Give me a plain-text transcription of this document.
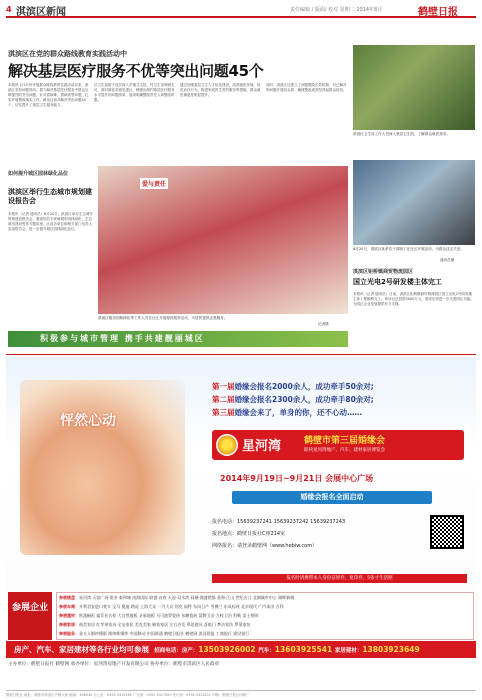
4 淇滨区新闻	责任编辑 / 版面/ 校对 星期二 2014年8月	鹤壁日报
淇滨区在党的群众路线教育实践活动中
解决基层医疗服务不优等突出问题45个
本报讯 自1月份开展群众路线教育实践活动以来，淇滨区坚持问题导向，着力解决基层医疗服务中群众反映强烈的突出问题，针对看病难、看病贵等问题，扎实开展整改落实工作，截至目前共解决突出问题45个，切实提升了基层卫生服务能力。
区卫生局班子成员深入乡镇卫生院、村卫生室调研走访，面对面征求意见建议，梳理出制约基层医疗服务水平提升的问题清单，逐项明确整改责任人和整改时限。
通过加强基层卫生人才队伍建设、改善就医环境、规范诊疗行为、推进家庭医生签约服务等措施，群众就医满意度明显提升。
同时，淇滨区还建立了问题整改长效机制，对已解决的问题开展回头看，确保整改成效经得起群众检验。
淇滨区卫生局工作人员深入基层卫生院，了解群众就医需求。
如何提升城区园林绿化品位
淇滨区举行生态城市规划建设报告会
本报讯（记者 通讯员）8月20日，淇滨区举办生态城市规划建设报告会，邀请知名专家就城市园林绿化、生态城市建设等作专题讲座，区直各单位和相关部门负责人参加报告会，进一步提升城区园林绿化品位。
爱与责任
淇滨区服务园林绿化等工作人员在社区开展便民服务活动，为居民提供志愿服务。
记者摄
8月20日，淇滨区某单位干部职工在社区开展活动，为群众送去关爱。
通讯员摄
淇滨区钜桥镇商贸物流园区
国立光电2号研发楼主体完工
本报讯（记者 通讯员）日前，淇滨区钜桥镇商贸物流园区国立光电2号研发楼主体工程顺利完工。该项目总投资5000万元，建成后将进一步完善园区功能，为园区企业发展提供有力支撑。
积极参与城市管理 携手共建靓丽城区
怦然心动
第一届婚缘会报名2000余人，成功牵手50余对;
第二届婚缘会报名2300余人，成功牵手80余对;
第三届婚缘会来了，单身的你，还不心动……
星河湾	鹤壁市第三届婚缘会
联袂星河湾地产、汽车、建材家居博览会
2014年9月19日~9月21日 会展中心广场
婚缘会报名全面启动
报名电话：15639237241 15639237242 15639237243
报名地点：鹤壁日报社C座214室
网络报名：请登录鹤壁网（www.hebiw.com）
报名时请携带本人身份证原件，复印件，5张寸生活照
参展企业
参展楼盘：星河湾 天富广场 建业·泰和城 南海国际 联盛·首府 天池·双水湾 同城·鼎盛铭都 嘉和·江山 世纪名门 北湖城市中心 湖畔新城
参展车商：开利君安进口豪车 宝马 奥迪 路虎 上海大众 一汽大众 别克 福特 东风日产 雪佛兰 东风标致 北京现代 广汽本田 吉利
参展建材：欧派橱柜 索菲亚衣柜 大自然地板 圣象地板 马可波罗瓷砖 东鹏瓷砖 箭牌卫浴 九牧卫浴 科勒 雷士照明
参展家居：曲美家居 红苹果家具 全友家私 美克美家 顾家家居 左右沙发 慕思寝具 喜临门 梦洁家纺 罗莱家纺
参展服务：金夫人婚纱摄影 维纳斯婚纱 中国移动 中国联通 鹤壁日报社 鹤壁网 淇河晨报 工商银行 建设银行
房产、汽车、家居建材等各行业均可参展 招商电话：房产：13503926002 汽车：13603925541 家居建材：13803923649
主办单位：鹤壁日报社 鹤壁网 承办单位：星河湾房地产开发有限公司 协办单位：鹤壁市淇滨区人民政府
鹤壁日报社 地址：鹤壁市淇滨区兴鹤大街 邮编：458030 办公室：0392-3312365 广告部：0392-3317000 发行部：0392-3328222 印刷：鹤壁日报社印刷厂
